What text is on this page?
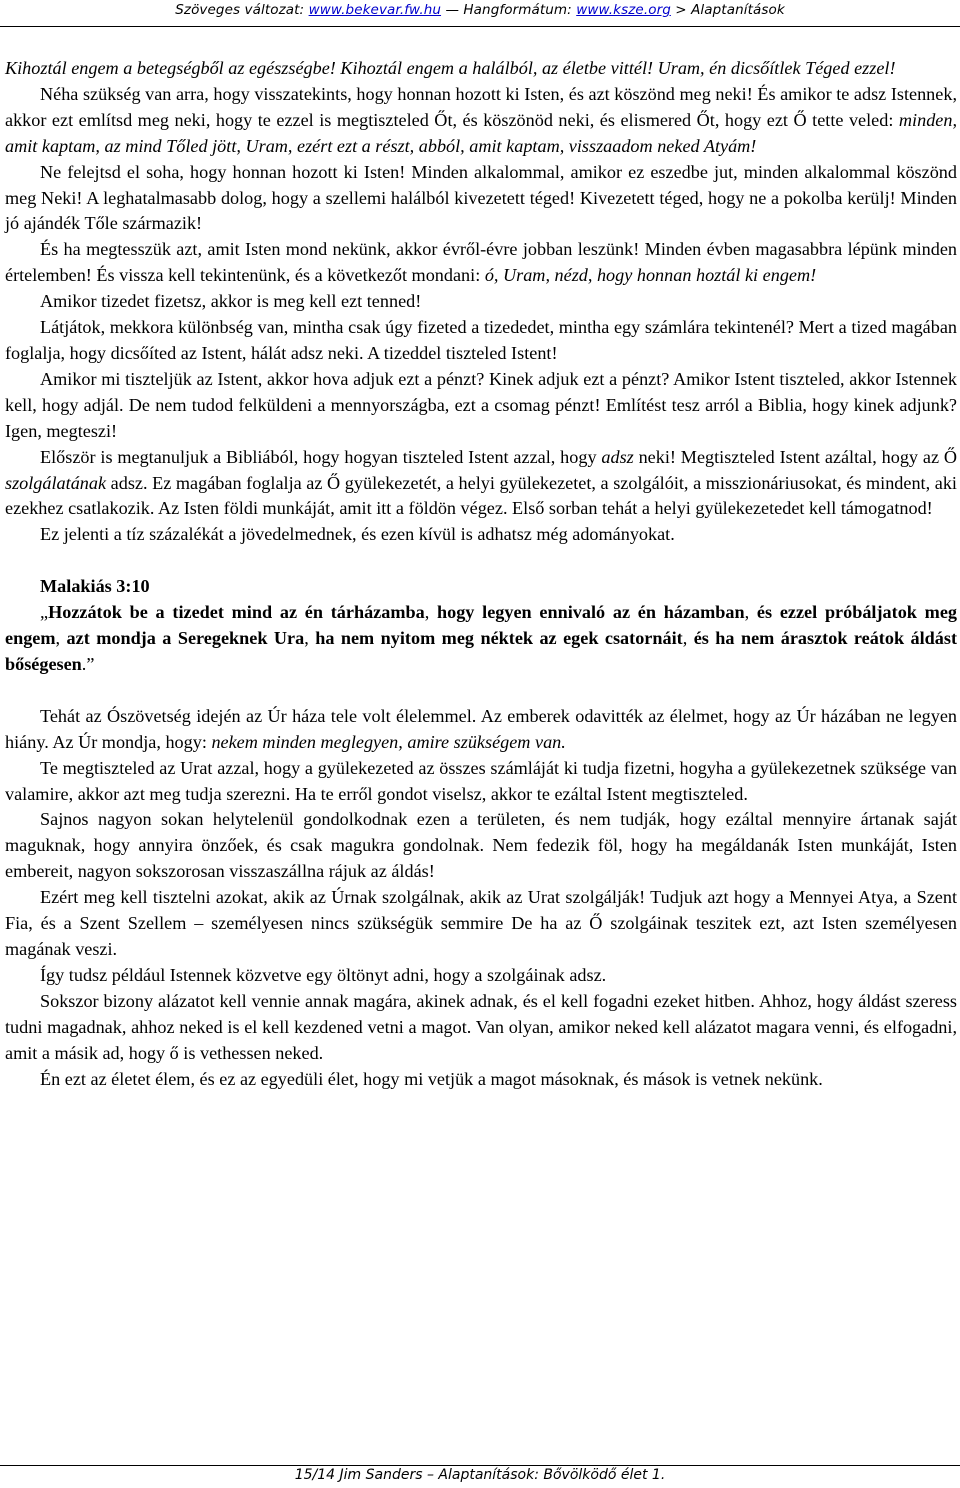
Szöveges változat: www.bekevar.fw.hu — Hangformátum: www.ksze.org > Alaptanítások

Kihoztál engem a betegségből az egészségbe! Kihoztál engem a halálból, az életbe vittél! Uram, én dicsőítlek Téged ezzel!

Néha szükség van arra, hogy visszatekints, hogy honnan hozott ki Isten, és azt köszönd meg neki! És amikor te adsz Istennek, akkor ezt említsd meg neki, hogy te ezzel is megtiszteled Őt, és köszönöd neki, és elismered Őt, hogy ezt Ő tette veled: minden, amit kaptam, az mind Tőled jött, Uram, ezért ezt a részt, abból, amit kaptam, visszaadom neked Atyám!

Ne felejtsd el soha, hogy honnan hozott ki Isten! Minden alkalommal, amikor ez eszedbe jut, minden alkalommal köszönd meg Neki! A leghatalmasabb dolog, hogy a szellemi halálból kivezetett téged! Kivezetett téged, hogy ne a pokolba kerülj! Minden jó ajándék Tőle származik!

És ha megtesszük azt, amit Isten mond nekünk, akkor évről-évre jobban leszünk! Minden évben magasabbra lépünk minden értelemben! És vissza kell tekintenünk, és a következőt mondani: ó, Uram, nézd, hogy honnan hoztál ki engem!

Amikor tizedet fizetsz, akkor is meg kell ezt tenned!

Látjátok, mekkora különbség van, mintha csak úgy fizeted a tizededet, mintha egy számlára tekintenél? Mert a tized magában foglalja, hogy dicsőíted az Istent, hálát adsz neki. A tizeddel tiszteled Istent!

Amikor mi tiszteljük az Istent, akkor hova adjuk ezt a pénzt? Kinek adjuk ezt a pénzt? Amikor Istent tiszteled, akkor Istennek kell, hogy adjál. De nem tudod felküldeni a mennyországba, ezt a csomag pénzt! Említést tesz arról a Biblia, hogy kinek adjunk? Igen, megteszi!

Először is megtanuljuk a Bibliából, hogy hogyan tiszteled Istent azzal, hogy adsz neki! Megtiszteled Istent azáltal, hogy az Ő szolgálatának adsz. Ez magában foglalja az Ő gyülekezetét, a helyi gyülekezetet, a szolgálóit, a misszionáriusokat, és mindent, aki ezekhez csatlakozik. Az Isten földi munkáját, amit itt a földön végez. Első sorban tehát a helyi gyülekezetedet kell támogatnod!

Ez jelenti a tíz százalékát a jövedelmednek, és ezen kívül is adhatsz még adományokat.

Malakiás 3:10

„Hozzátok be a tizedet mind az én tárházamba, hogy legyen ennivaló az én házamban, és ezzel próbáljatok meg engem, azt mondja a Seregeknek Ura, ha nem nyitom meg néktek az egek csatornáit, és ha nem árasztok reátok áldást bőségesen.”

Tehát az Ószövetség idején az Úr háza tele volt élelemmel. Az emberek odavitték az élelmet, hogy az Úr házában ne legyen hiány. Az Úr mondja, hogy: nekem minden meglegyen, amire szükségem van.

Te megtiszteled az Urat azzal, hogy a gyülekezeted az összes számláját ki tudja fizetni, hogyha a gyülekezetnek szüksége van valamire, akkor azt meg tudja szerezni. Ha te erről gondot viselsz, akkor te ezáltal Istent megtiszteled.

Sajnos nagyon sokan helytelenül gondolkodnak ezen a területen, és nem tudják, hogy ezáltal mennyire ártanak saját maguknak, hogy annyira önzőek, és csak magukra gondolnak. Nem fedezik föl, hogy ha megáldanák Isten munkáját, Isten embereit, nagyon sokszorosan visszaszállna rájuk az áldás!

Ezért meg kell tisztelni azokat, akik az Úrnak szolgálnak, akik az Urat szolgálják! Tudjuk azt hogy a Mennyei Atya, a Szent Fia, és a Szent Szellem – személyesen nincs szükségük semmire De ha az Ő szolgáinak teszitek ezt, azt Isten személyesen magának veszi.

Így tudsz például Istennek közvetve egy öltönyt adni, hogy a szolgáinak adsz.

Sokszor bizony alázatot kell vennie annak magára, akinek adnak, és el kell fogadni ezeket hitben. Ahhoz, hogy áldást szeress tudni magadnak, ahhoz neked is el kell kezdened vetni a magot. Van olyan, amikor neked kell alázatot magara venni, és elfogadni, amit a másik ad, hogy ő is vethessen neked.

Én ezt az életet élem, és ez az egyedüli élet, hogy mi vetjük a magot másoknak, és mások is vetnek nekünk.

15/14 Jim Sanders – Alaptanítások: Bővölködő élet 1.
